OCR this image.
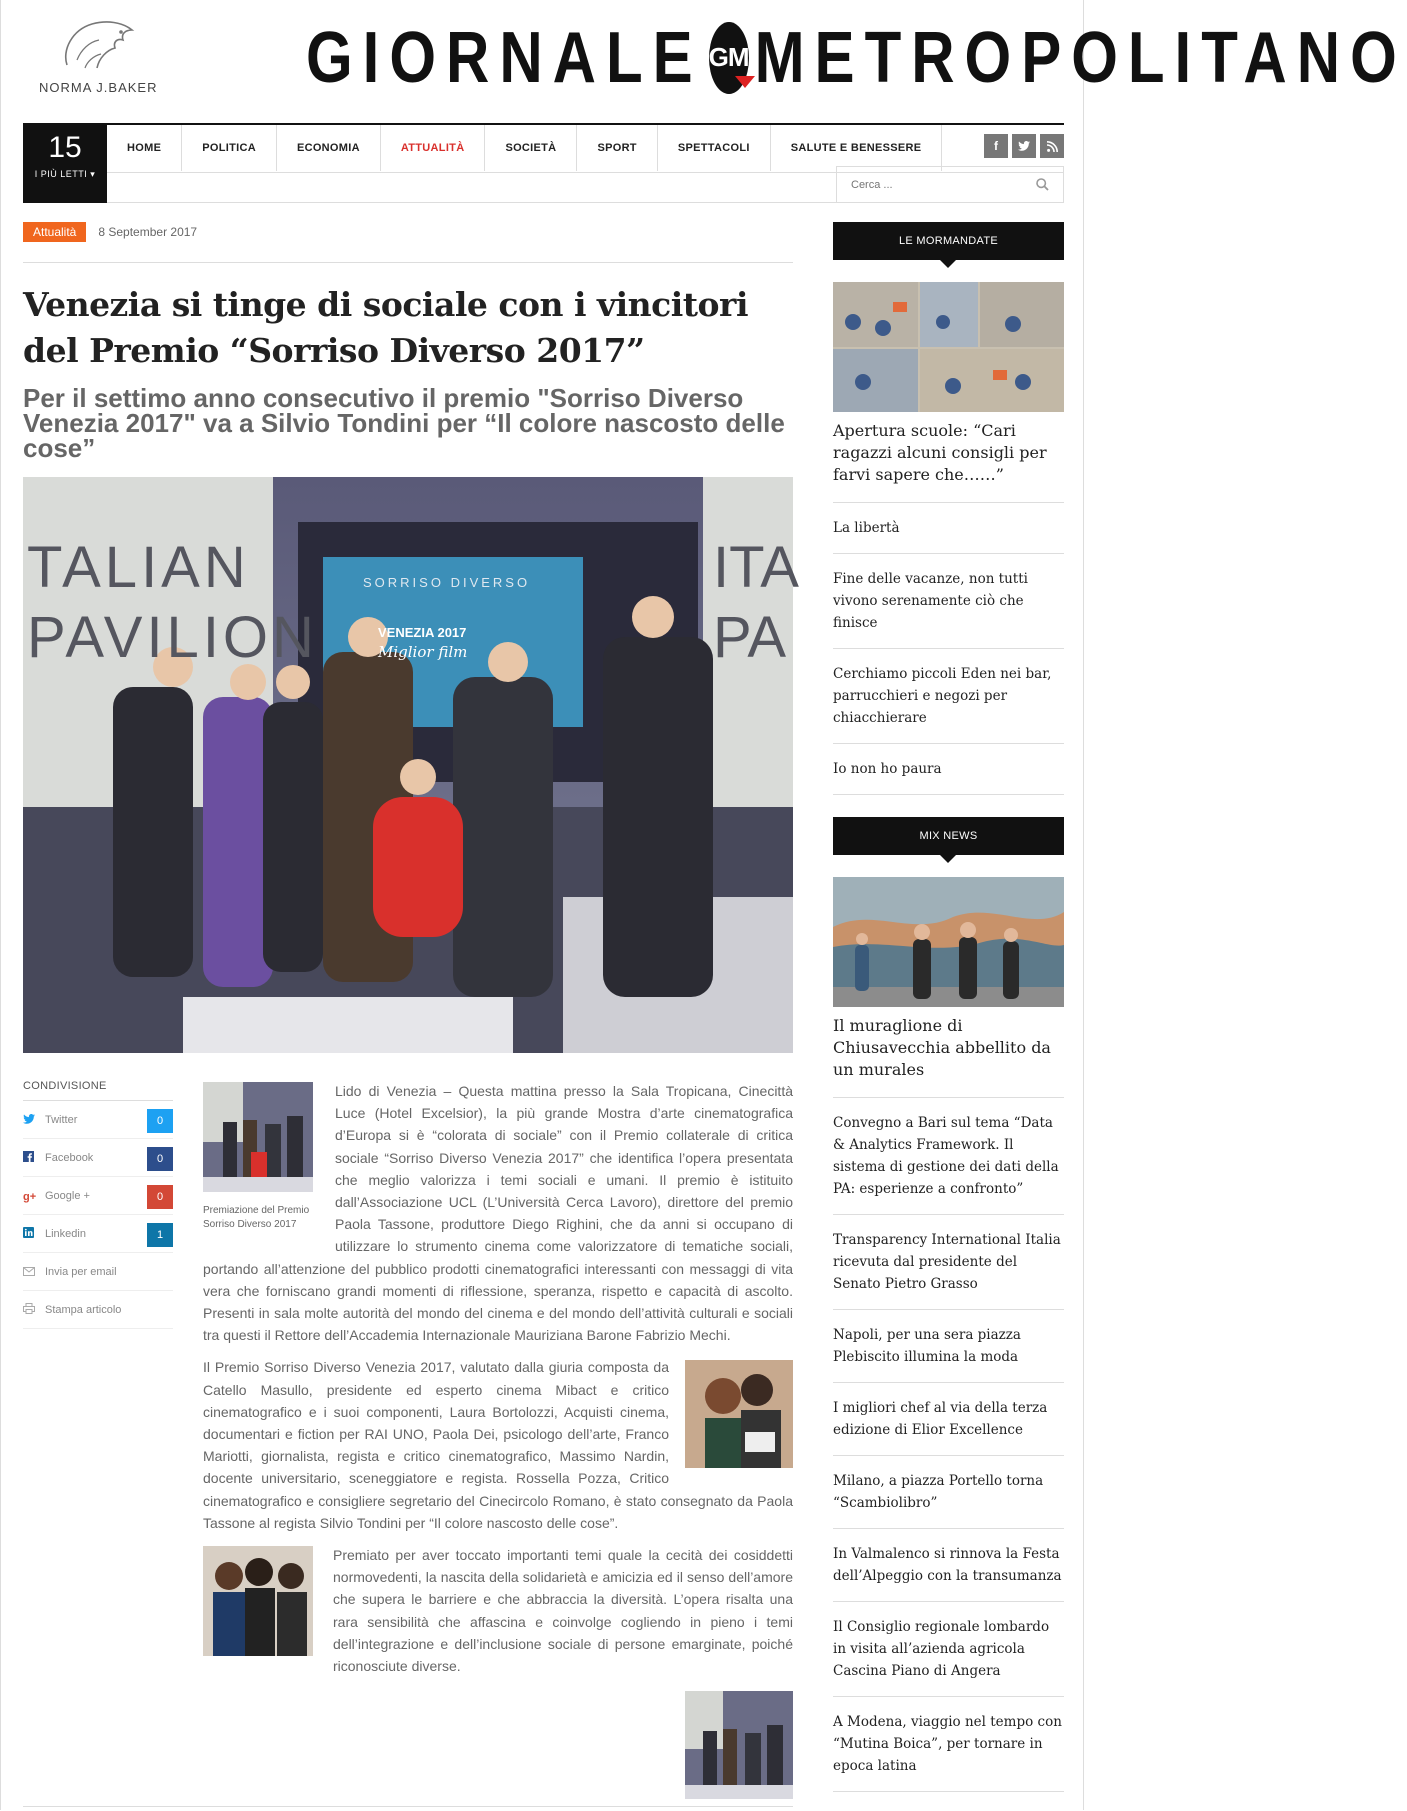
NORMA J.BAKER GIORNALE GM METROPOLITANO
15
I PIÙ LETTI ▾
HOME	POLITICA	ECONOMIA	ATTUALITÀ	SOCIETÀ	SPORT	SPETTACOLI	SALUTE E BENESSERE	f
Cerca ...
Attualità	8 September 2017
Venezia si tinge di sociale con i vincitori del Premio “Sorriso Diverso 2017”
Per il settimo anno consecutivo il premio "Sorriso Diverso Venezia 2017" va a Silvio Tondini per “Il colore nascosto delle cose”
TALIAN
PAVILION
ITA
PA
SORRISO DIVERSO
VENEZIA 2017
Miglior film
CONDIVISIONE
Twitter	0
Facebook	0
g+ Google +	0
Linkedin	1
Invia per email
Stampa articolo
Premiazione del Premio Sorriso Diverso 2017

Lido di Venezia – Questa mattina presso la Sala Tropicana, Cinecittà Luce (Hotel Excelsior), la più grande Mostra d’arte cinematografica d’Europa si è “colorata di sociale” con il Premio collaterale di critica sociale “Sorriso Diverso Venezia 2017” che identifica l’opera presentata che meglio valorizza i temi sociali e umani. Il premio è istituito dall’Associazione UCL (L’Università Cerca Lavoro), direttore del premio Paola Tassone, produttore Diego Righini, che da anni si occupano di utilizzare lo strumento cinema come valorizzatore di tematiche sociali, portando all’attenzione del pubblico prodotti cinematografici interessanti con messaggi di vita vera che forniscano grandi momenti di riflessione, speranza, rispetto e capacità di ascolto. Presenti in sala molte autorità del mondo del cinema e del mondo dell’attività culturali e sociali tra questi il Rettore dell’Accademia Internazionale Mauriziana Barone Fabrizio Mechi.

Il Premio Sorriso Diverso Venezia 2017, valutato dalla giuria composta da Catello Masullo, presidente ed esperto cinema Mibact e critico cinematografico e i suoi componenti, Laura Bortolozzi, Acquisti cinema, documentari e fiction per RAI UNO, Paola Dei, psicologo dell’arte, Franco Mariotti, giornalista, regista e critico cinematografico, Massimo Nardin, docente universitario, sceneggiatore e regista. Rossella Pozza, Critico cinematografico e consigliere segretario del Cinecircolo Romano, è stato consegnato da Paola Tassone al regista Silvio Tondini per “Il colore nascosto delle cose”.

Premiato per aver toccato importanti temi quale la cecità dei cosiddetti normovedenti, la nascita della solidarietà e amicizia ed il senso dell’amore che supera le barriere e che abbraccia la diversità. L’opera risalta una rara sensibilità che affascina e coinvolge cogliendo in pieno i temi dell’integrazione e dell’inclusione sociale di persone emarginate, poiché riconosciute diverse.

LE MORMANDATE
Apertura scuole: “Cari ragazzi alcuni consigli per farvi sapere che……”
La libertà
Fine delle vacanze, non tutti vivono serenamente ciò che finisce
Cerchiamo piccoli Eden nei bar, parrucchieri e negozi per chiacchierare
Io non ho paura
MIX NEWS
Il muraglione di Chiusavecchia abbellito da un murales
Convegno a Bari sul tema “Data & Analytics Framework. Il sistema di gestione dei dati della PA: esperienze a confronto”
Transparency International Italia ricevuta dal presidente del Senato Pietro Grasso
Napoli, per una sera piazza Plebiscito illumina la moda
I migliori chef al via della terza edizione di Elior Excellence
Milano, a piazza Portello torna “Scambiolibro”
In Valmalenco si rinnova la Festa dell’Alpeggio con la transumanza
Il Consiglio regionale lombardo in visita all’azienda agricola Cascina Piano di Angera
A Modena, viaggio nel tempo con “Mutina Boica”, per tornare in epoca latina
